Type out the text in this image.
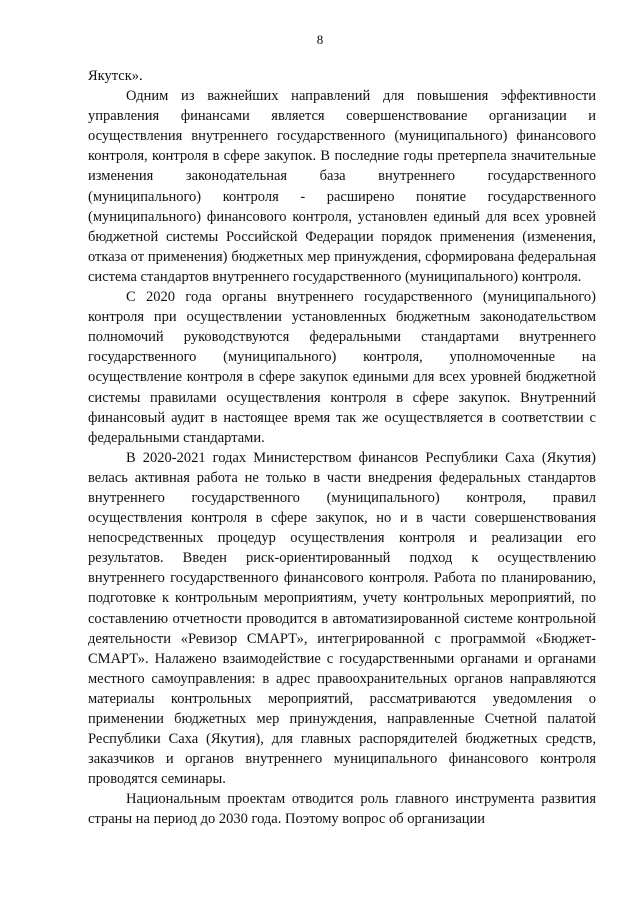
8

Якутск».

Одним из важнейших направлений для повышения эффективности управления финансами является совершенствование организации и осуществления внутреннего государственного (муниципального) финансового контроля, контроля в сфере закупок. В последние годы претерпела значительные изменения законодательная база внутреннего государственного (муниципального) контроля - расширено понятие государственного (муниципального) финансового контроля, установлен единый для всех уровней бюджетной системы Российской Федерации порядок применения (изменения, отказа от применения) бюджетных мер принуждения, сформирована федеральная система стандартов внутреннего государственного (муниципального) контроля.

С 2020 года органы внутреннего государственного (муниципального) контроля при осуществлении установленных бюджетным законодательством полномочий руководствуются федеральными стандартами внутреннего государственного (муниципального) контроля, уполномоченные на осуществление контроля в сфере закупок едиными для всех уровней бюджетной системы правилами осуществления контроля в сфере закупок. Внутренний финансовый аудит в настоящее время так же осуществляется в соответствии с федеральными стандартами.

В 2020-2021 годах Министерством финансов Республики Саха (Якутия) велась активная работа не только в части внедрения федеральных стандартов внутреннего государственного (муниципального) контроля, правил осуществления контроля в сфере закупок, но и в части совершенствования непосредственных процедур осуществления контроля и реализации его результатов. Введен риск-ориентированный подход к осуществлению внутреннего государственного финансового контроля. Работа по планированию, подготовке к контрольным мероприятиям, учету контрольных мероприятий, по составлению отчетности проводится в автоматизированной системе контрольной деятельности «Ревизор СМАРТ», интегрированной с программой «Бюджет-СМАРТ». Налажено взаимодействие с государственными органами и органами местного самоуправления: в адрес правоохранительных органов направляются материалы контрольных мероприятий, рассматриваются уведомления о применении бюджетных мер принуждения, направленные Счетной палатой Республики Саха (Якутия), для главных распорядителей бюджетных средств, заказчиков и органов внутреннего муниципального финансового контроля проводятся семинары.

Национальным проектам отводится роль главного инструмента развития страны на период до 2030 года. Поэтому вопрос об организации
